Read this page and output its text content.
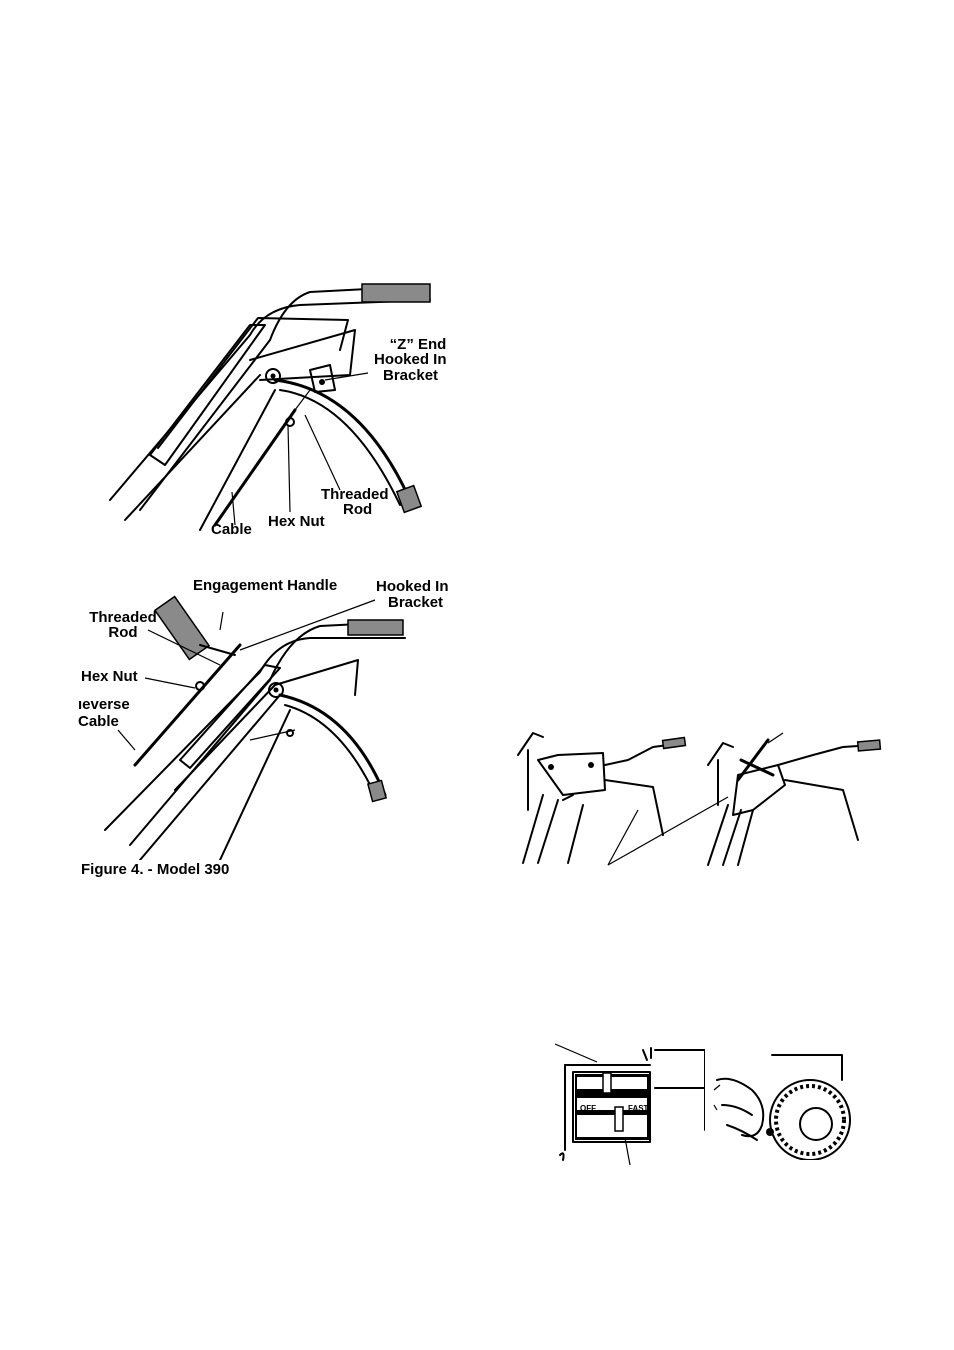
“Z” End
Hooked In
Bracket
Threaded
Rod
Hex Nut
Cable
Engagement Handle	Hooked In
Bracket
Threaded
Rod
Hex Nut
ıeverse
Cable
Figure 4. - Model 390
RUN	CHOKE
OFF	FAST
